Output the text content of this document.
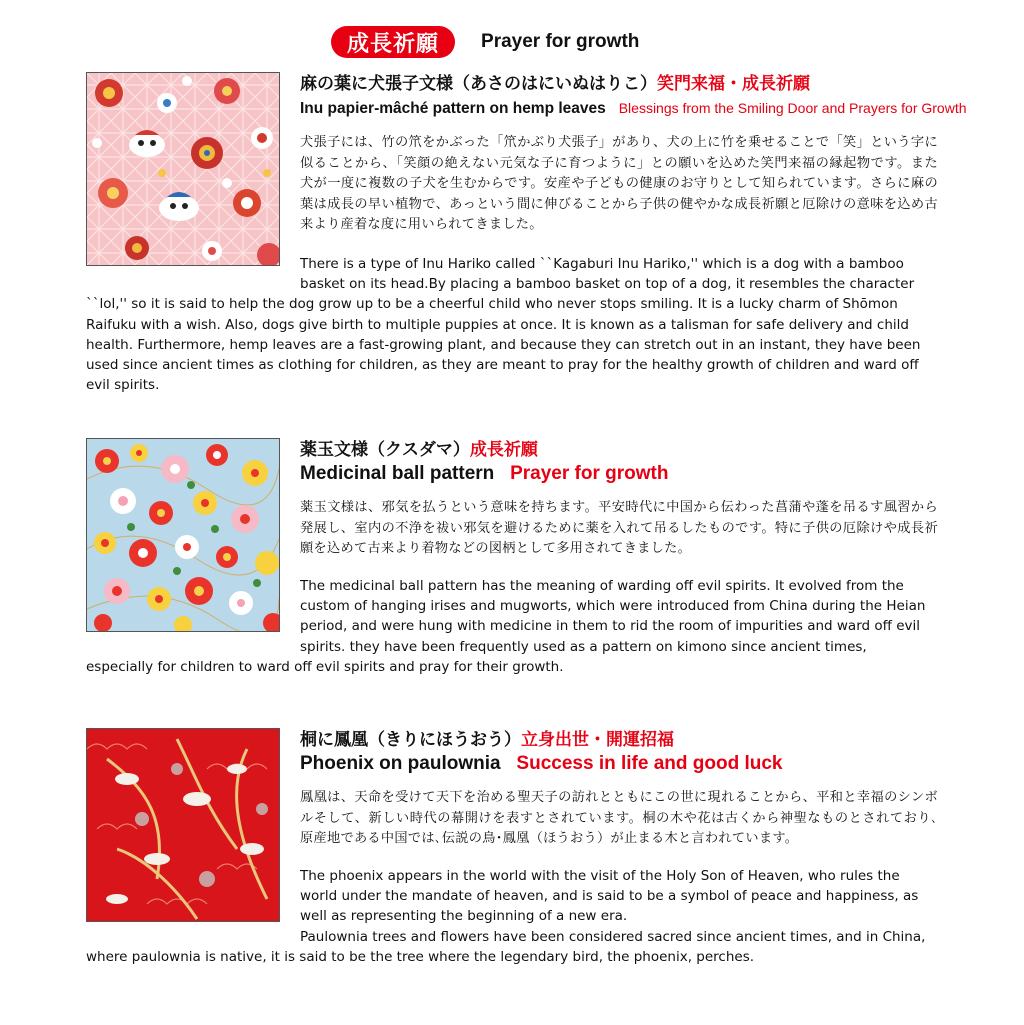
成長祈願 Prayer for growth
麻の葉に犬張子文様（あさのはにいぬはりこ）笑門来福・成長祈願
Inu papier-mâché pattern on hemp leaves Blessings from the Smiling Door and Prayers for Growth
犬張子には、竹の笊をかぶった「笊かぶり犬張子」があり、犬の上に竹を乗せることで「笑」という字に似ることから、「笑顔の絶えない元気な子に育つように」との願いを込めた笑門来福の縁起物です。また犬が一度に複数の子犬を生むからです。安産や子どもの健康のお守りとして知られています。さらに麻の葉は成長の早い植物で、あっという間に伸びることから子供の健やかな成長祈願と厄除けの意味を込め古来より産着な度に用いられてきました。

There is a type of Inu Hariko called ``Kagaburi Inu Hariko,'' which is a dog with a bamboo basket on its head.By placing a bamboo basket on top of a dog, it resembles the character ``lol,'' so it is said to help the dog grow up to be a cheerful child who never stops smiling. It is a lucky charm of Shōmon Raifuku with a wish. Also, dogs give birth to multiple puppies at once. It is known as a talisman for safe delivery and child health. Furthermore, hemp leaves are a fast-growing plant, and because they can stretch out in an instant, they have been used since ancient times as clothing for children, as they are meant to pray for the healthy growth of children and ward off evil spirits.

薬玉文様（クスダマ）成長祈願
Medicinal ball pattern Prayer for growth
薬玉文様は、邪気を払うという意味を持ちます。平安時代に中国から伝わった菖蒲や蓬を吊るす風習から発展し、室内の不浄を祓い邪気を避けるために薬を入れて吊るしたものです。特に子供の厄除けや成長祈願を込めて古来より着物などの図柄として多用されてきました。

The medicinal ball pattern has the meaning of warding off evil spirits. It evolved from the custom of hanging irises and mugworts, which were introduced from China during the Heian period, and were hung with medicine in them to rid the room of impurities and ward off evil spirits. they have been frequently used as a pattern on kimono since ancient times, especially for children to ward off evil spirits and pray for their growth.

桐に鳳凰（きりにほうおう）立身出世・開運招福
Phoenix on paulownia Success in life and good luck
鳳凰は、天命を受けて天下を治める聖天子の訪れとともにこの世に現れることから、平和と幸福のシンボルそして、新しい時代の幕開けを表すとされています。桐の木や花は古くから神聖なものとされており､原産地である中国では､伝説の鳥･鳳凰（ほうおう）が止まる木と言われています。

The phoenix appears in the world with the visit of the Holy Son of Heaven, who rules the world under the mandate of heaven, and is said to be a symbol of peace and happiness, as well as representing the beginning of a new era.

Paulownia trees and flowers have been considered sacred since ancient times, and in China, where paulownia is native, it is said to be the tree where the legendary bird, the phoenix, perches.
